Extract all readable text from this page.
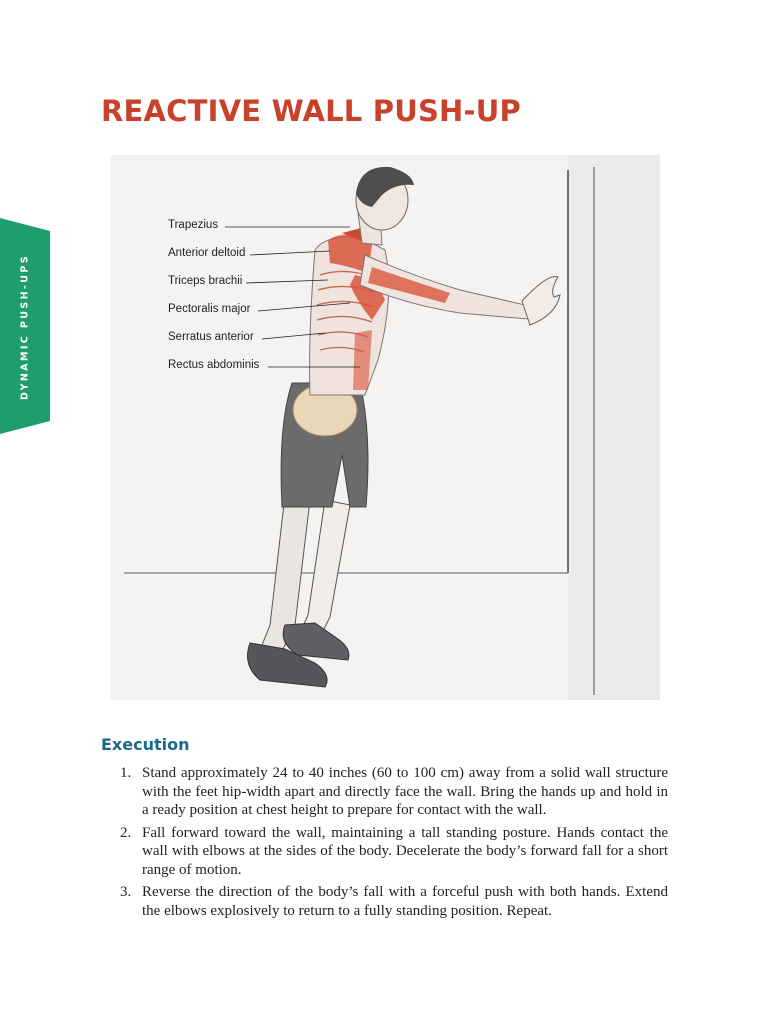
DYNAMIC PUSH-UPS
REACTIVE WALL PUSH-UP
Trapezius
Anterior deltoid
Triceps brachii
Pectoralis major
Serratus anterior
Rectus abdominis
Execution
1. Stand approximately 24 to 40 inches (60 to 100 cm) away from a solid wall structure with the feet hip-width apart and directly face the wall. Bring the hands up and hold in a ready position at chest height to prepare for contact with the wall.
2. Fall forward toward the wall, maintaining a tall standing posture. Hands contact the wall with elbows at the sides of the body. Decelerate the body’s forward fall for a short range of motion.
3. Reverse the direction of the body’s fall with a forceful push with both hands. Extend the elbows explosively to return to a fully standing position. Repeat.
